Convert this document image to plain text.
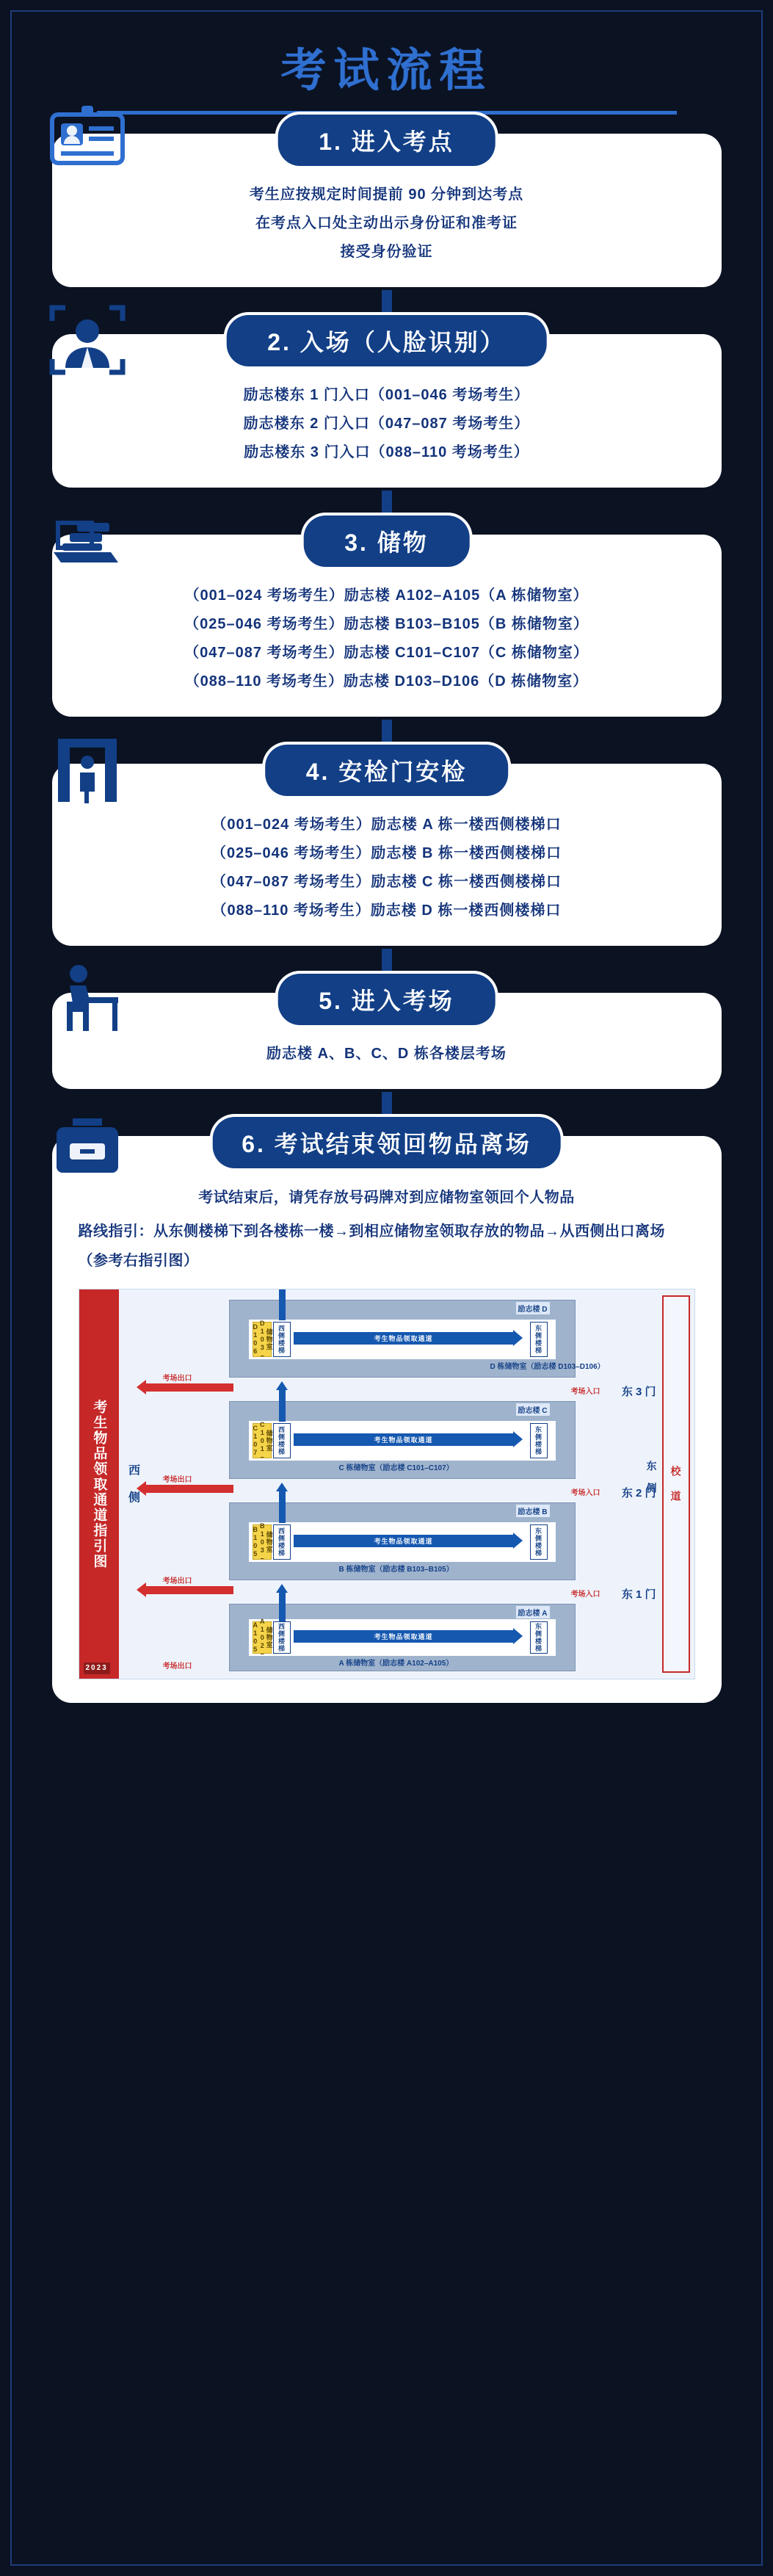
考试流程
1. 进入考点
考生应按规定时间提前 90 分钟到达考点
在考点入口处主动出示身份证和准考证
接受身份验证
2. 入场（人脸识别）
励志楼东 1 门入口（001–046 考场考生）
励志楼东 2 门入口（047–087 考场考生）
励志楼东 3 门入口（088–110 考场考生）
3. 储物
（001–024 考场考生）励志楼 A102–A105（A 栋储物室）
（025–046 考场考生）励志楼 B103–B105（B 栋储物室）
（047–087 考场考生）励志楼 C101–C107（C 栋储物室）
（088–110 考场考生）励志楼 D103–D106（D 栋储物室）
4. 安检门安检
（001–024 考场考生）励志楼 A 栋一楼西侧楼梯口
（025–046 考场考生）励志楼 B 栋一楼西侧楼梯口
（047–087 考场考生）励志楼 C 栋一楼西侧楼梯口
（088–110 考场考生）励志楼 D 栋一楼西侧楼梯口
5. 进入考场
励志楼 A、B、C、D 栋各楼层考场
6. 考试结束领回物品离场
考试结束后，请凭存放号码牌对到应储物室领回个人物品
路线指引：从东侧楼梯下到各楼栋一楼→到相应储物室领取存放的物品→从西侧出口离场（参考右指引图）
考生物品领取通道指引图
2023
校 道
东 侧
西 侧
考生物品领取通道
储物室 D103–D106	西侧楼梯	东侧楼梯
励志楼 D
D 栋储物室（励志楼 D103–D106）
考场出口
东 3 门
考场入口
考生物品领取通道
储物室 C101–C107	西侧楼梯	东侧楼梯
励志楼 C
C 栋储物室（励志楼 C101–C107）
考场出口
东 2 门
考场入口
考生物品领取通道
储物室 B103–B105	西侧楼梯	东侧楼梯
励志楼 B
B 栋储物室（励志楼 B103–B105）
考场出口
东 1 门
考场入口
考生物品领取通道
储物室 A102–A105	西侧楼梯	东侧楼梯
励志楼 A
A 栋储物室（励志楼 A102–A105）
考场出口
